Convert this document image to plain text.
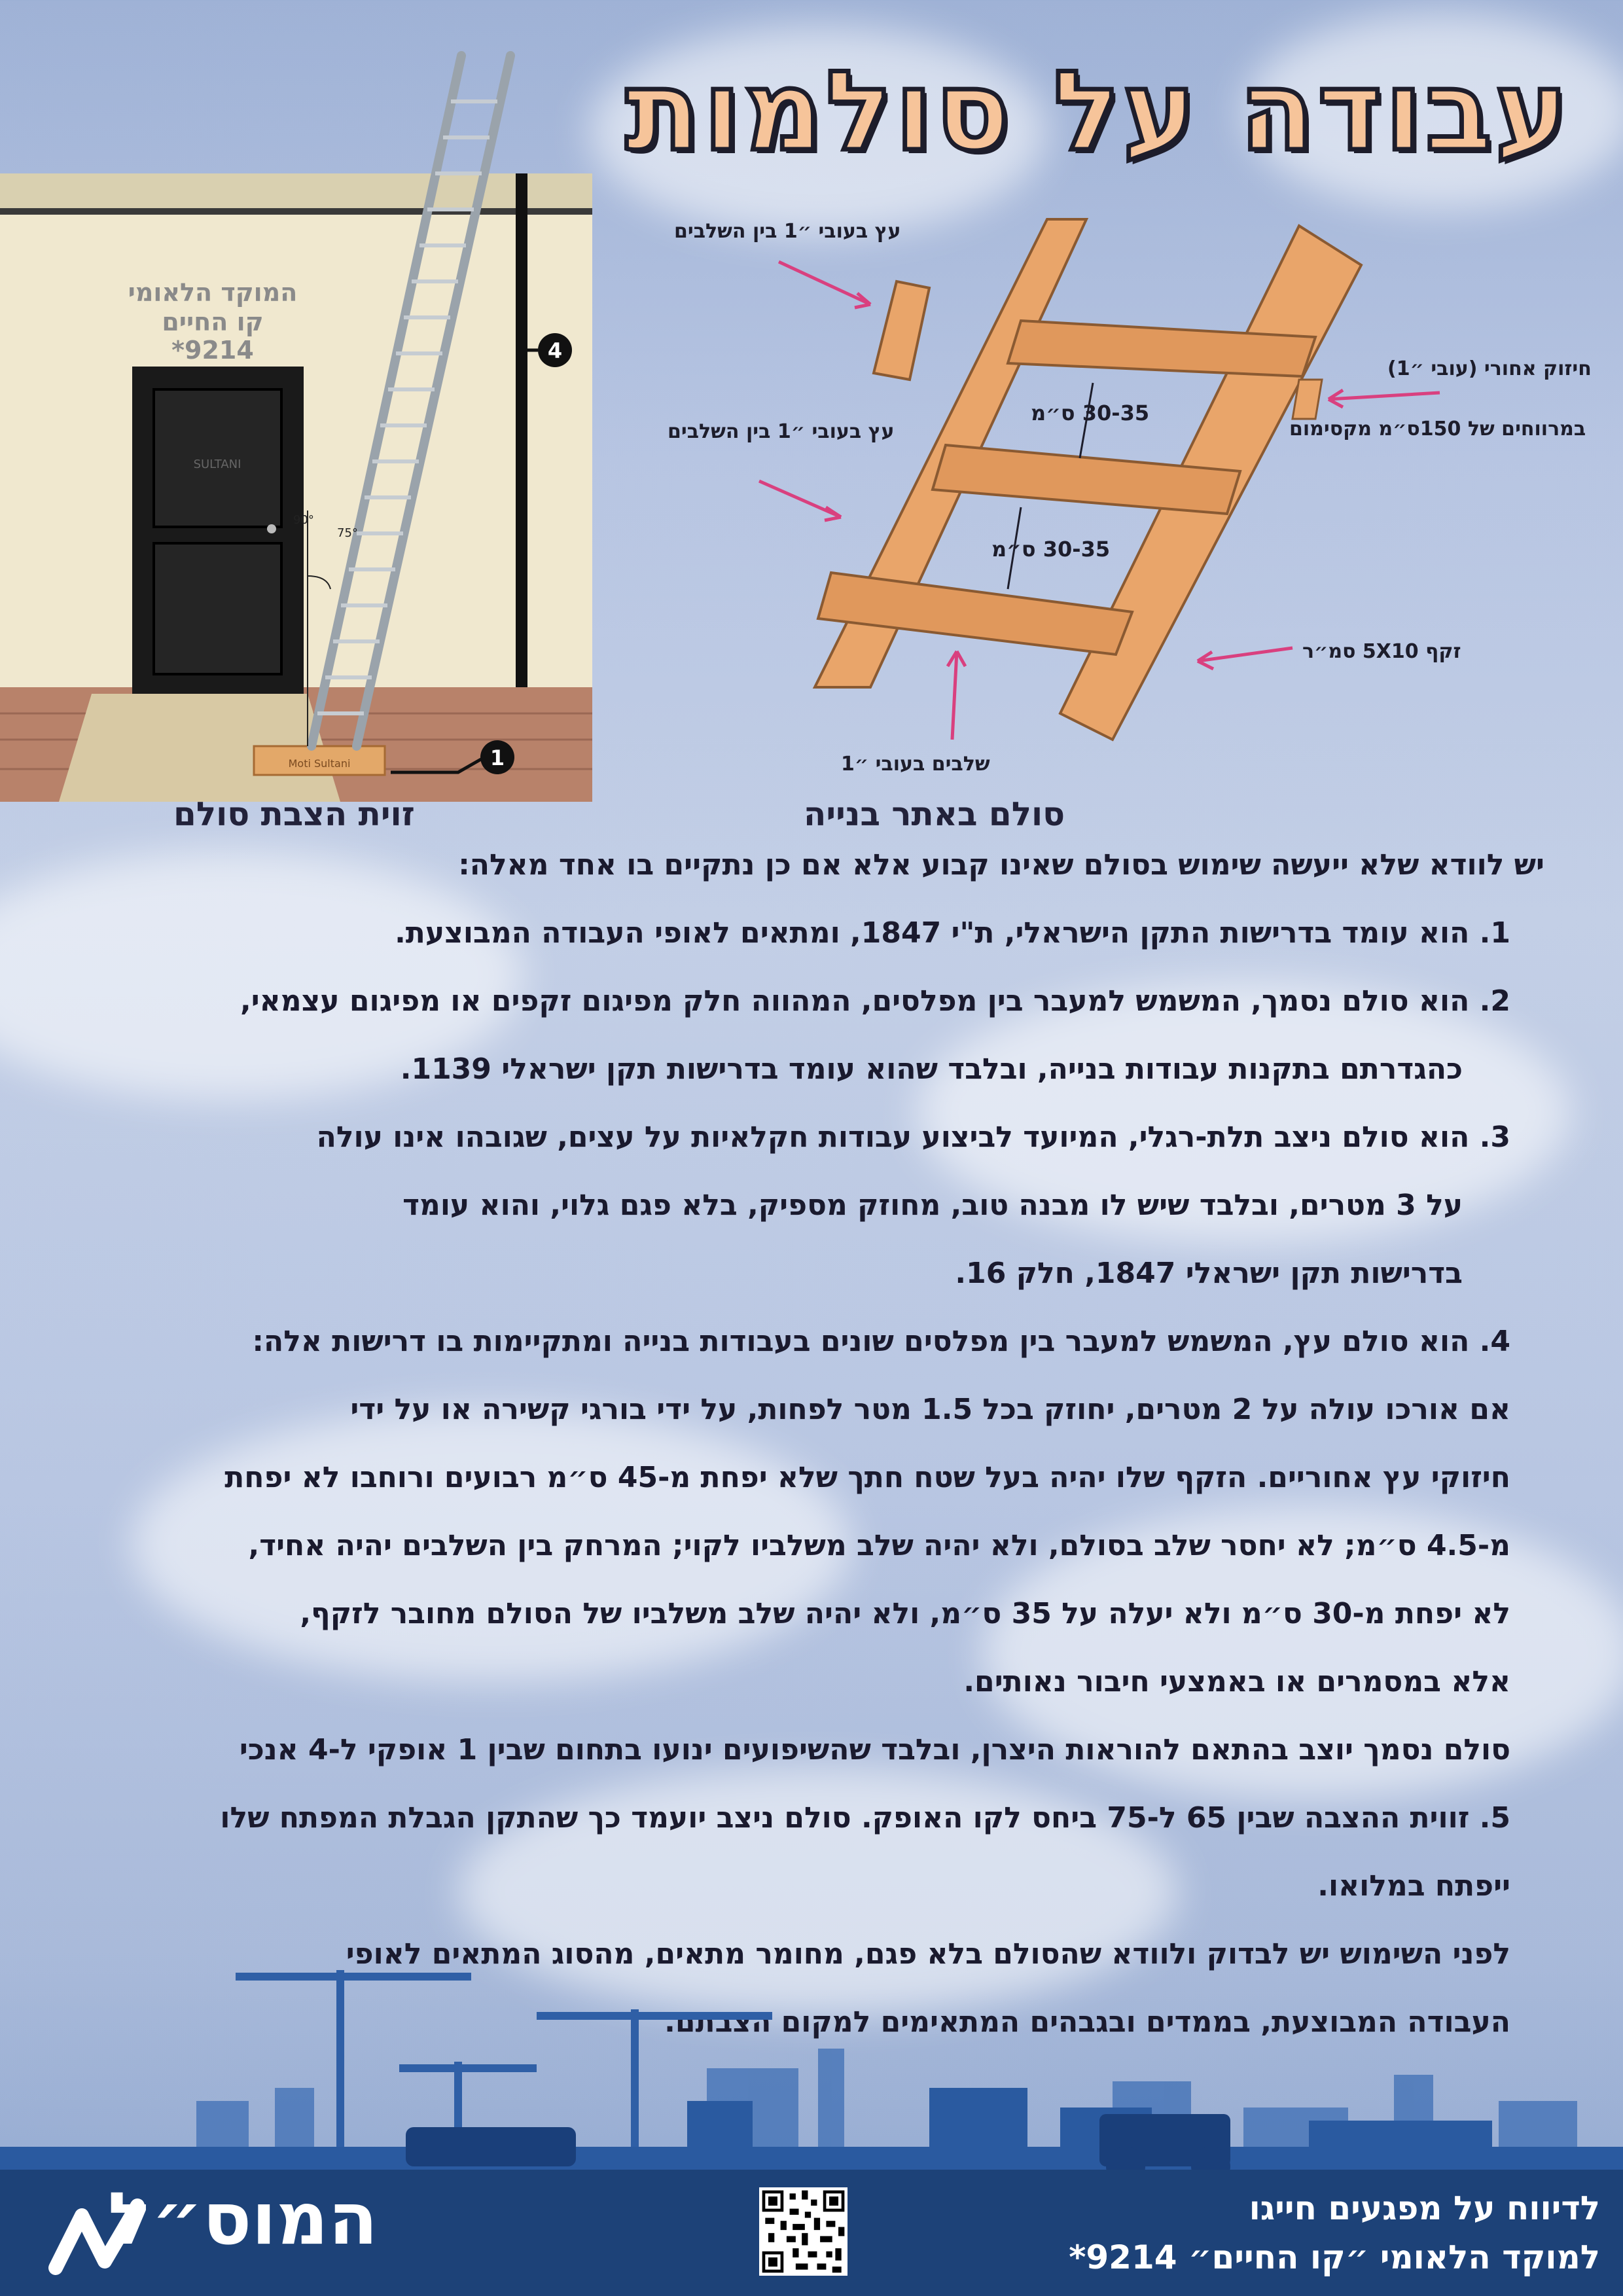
עבודה על סולמות
המוקד הלאומי
קו החיים
*9214
SULTANI
Moti Sultani
90°
75°
1
4
זוית הצבת סולם
עץ בעובי ״1 בין השלבים
עץ בעובי ״1 בין השלבים
חיזוק אחורי (עובי ״1)
במרווחים של 150ס״מ מקסימום
זקף 5X10 סמ״ר
שלבים בעובי ״1
30-35 ס״מ
30-35 ס״מ
סולם באתר בנייה

יש לוודא שלא ייעשה שימוש בסולם שאינו קבוע אלא אם כן נתקיים בו אחד מאלה:

1. הוא עומד בדרישות התקן הישראלי, ת"י 1847, ומתאים לאופי העבודה המבוצעת.

2. הוא סולם נסמך, המשמש למעבר בין מפלסים, המהווה חלק מפיגום זקפים או מפיגום עצמאי,

כהגדרתם בתקנות עבודות בנייה, ובלבד שהוא עומד בדרישות תקן ישראלי 1139.

3. הוא סולם ניצב תלת-רגלי, המיועד לביצוע עבודות חקלאיות על עצים, שגובהו אינו עולה

על 3 מטרים, ובלבד שיש לו מבנה טוב, מחוזק מספיק, בלא פגם גלוי, והוא עומד

בדרישות תקן ישראלי 1847, חלק 16.

4. הוא סולם עץ, המשמש למעבר בין מפלסים שונים בעבודות בנייה ומתקיימות בו דרישות אלה:

אם אורכו עולה על 2 מטרים, יחוזק בכל 1.5 מטר לפחות, על ידי בורגי קשירה או על ידי

חיזוקי עץ אחוריים. הזקף שלו יהיה בעל שטח חתך שלא יפחת מ-45 ס״מ רבועים ורוחבו לא יפחת

מ-4.5 ס״מ; לא יחסר שלב בסולם, ולא יהיה שלב משלביו לקוי; המרחק בין השלבים יהיה אחיד,

לא יפחת מ-30 ס״מ ולא יעלה על 35 ס״מ, ולא יהיה שלב משלביו של הסולם מחובר לזקף,

אלא במסמרים או באמצעי חיבור נאותים.

סולם נסמך יוצב בהתאם להוראות היצרן, ובלבד שהשיפועים ינועו בתחום שבין 1 אופקי ל-4 אנכי

5. זווית ההצבה שבין 65 ל-75 ביחס לקו האופק. סולם ניצב יועמד כך שהתקן הגבלת המפתח שלו

ייפתח במלואו.

לפני השימוש יש לבדוק ולוודא שהסולם בלא פגם, מחומר מתאים, מהסוג המתאים לאופי

העבודה המבוצעת, בממדים ובגבהים המתאימים למקום הצבתם.

המוס״ל	לדיווח על מפגעים חייגו
למוקד הלאומי ״קו החיים״ 9214*
